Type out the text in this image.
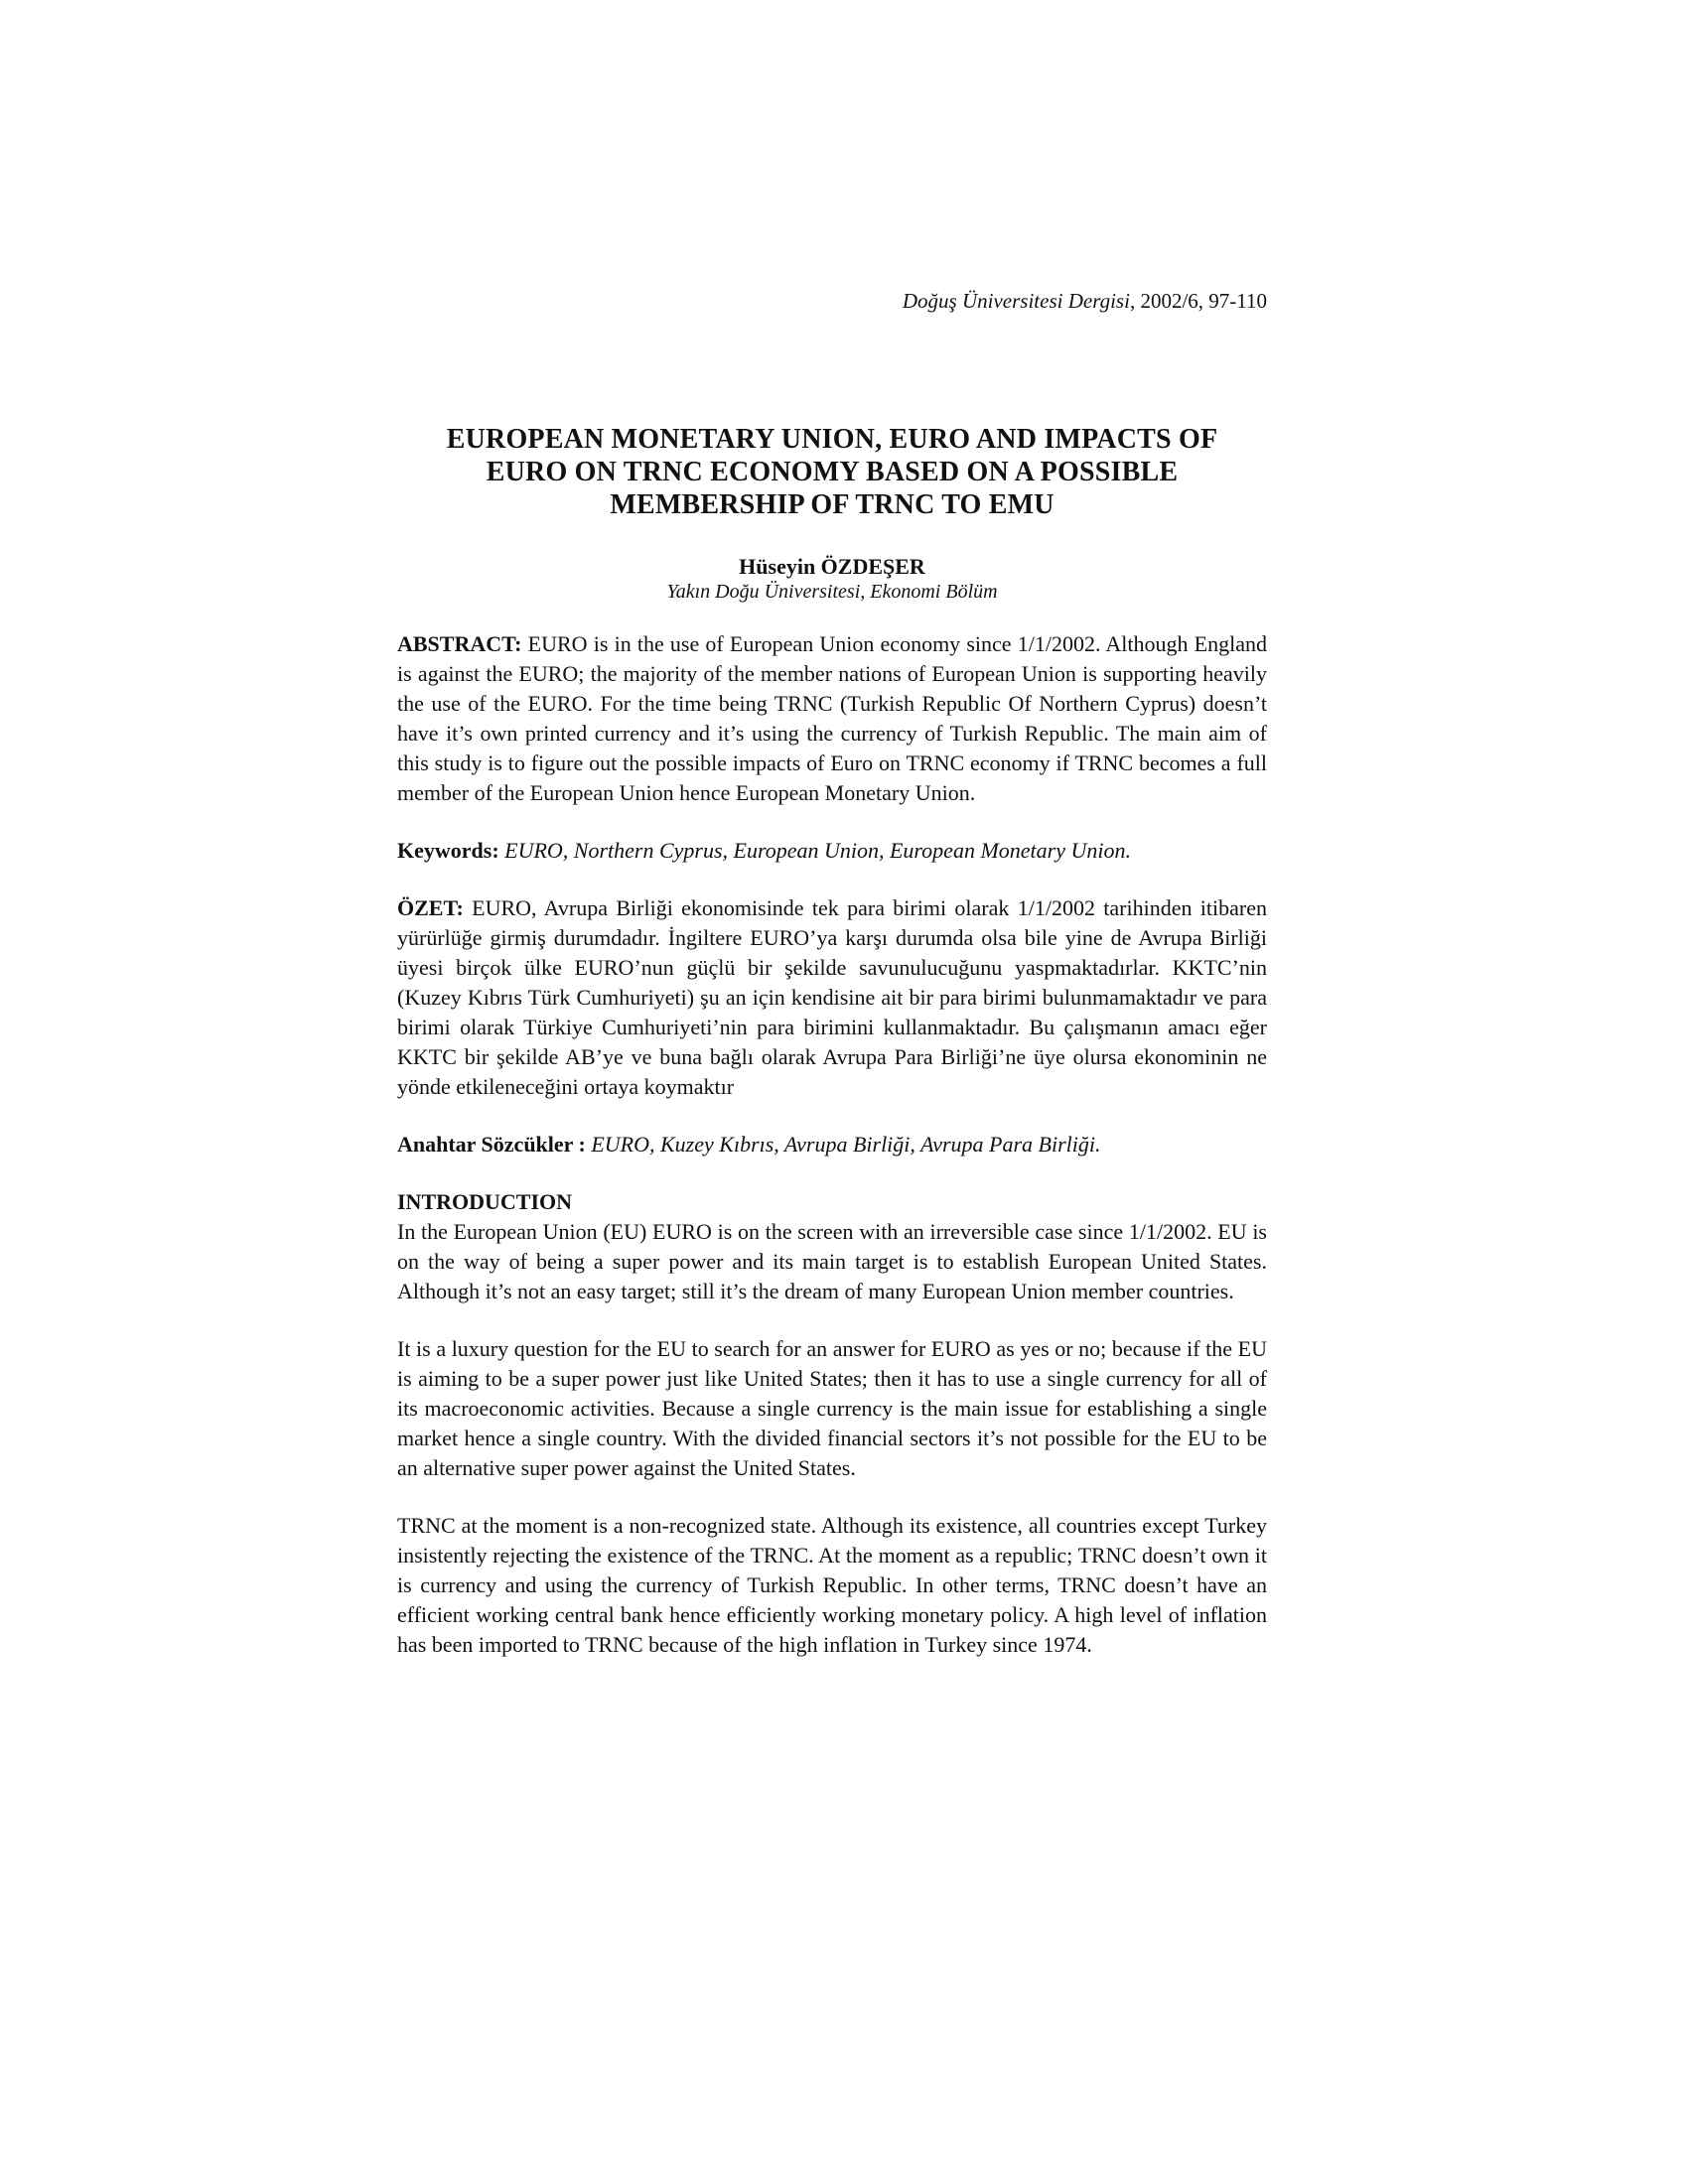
Doğuş Üniversitesi Dergisi, 2002/6, 97-110
EUROPEAN MONETARY UNION, EURO AND IMPACTS OF
EURO ON TRNC ECONOMY BASED ON A POSSIBLE
MEMBERSHIP OF TRNC TO EMU
Hüseyin ÖZDEŞER
Yakın Doğu Üniversitesi, Ekonomi Bölüm

ABSTRACT: EURO is in the use of European Union economy since 1/1/2002. Although England is against the EURO; the majority of the member nations of European Union is supporting heavily the use of the EURO. For the time being TRNC (Turkish Republic Of Northern Cyprus) doesn’t have it’s own printed currency and it’s using the currency of Turkish Republic. The main aim of this study is to figure out the possible impacts of Euro on TRNC economy if TRNC becomes a full member of the European Union hence European Monetary Union.

Keywords: EURO, Northern Cyprus, European Union, European Monetary Union.

ÖZET: EURO, Avrupa Birliği ekonomisinde tek para birimi olarak 1/1/2002 tarihinden itibaren yürürlüğe girmiş durumdadır. İngiltere EURO’ya karşı durumda olsa bile yine de Avrupa Birliği üyesi birçok ülke EURO’nun güçlü bir şekilde savunulucuğunu yaspmaktadırlar. KKTC’nin (Kuzey Kıbrıs Türk Cumhuriyeti) şu an için kendisine ait bir para birimi bulunmamaktadır ve para birimi olarak Türkiye Cumhuriyeti’nin para birimini kullanmaktadır. Bu çalışmanın amacı eğer KKTC bir şekilde AB’ye ve buna bağlı olarak Avrupa Para Birliği’ne üye olursa ekonominin ne yönde etkileneceğini ortaya koymaktır

Anahtar Sözcükler : EURO, Kuzey Kıbrıs, Avrupa Birliği, Avrupa Para Birliği.

INTRODUCTION

In the European Union (EU) EURO is on the screen with an irreversible case since 1/1/2002. EU is on the way of being a super power and its main target is to establish European United States. Although it’s not an easy target; still it’s the dream of many European Union member countries.

It is a luxury question for the EU to search for an answer for EURO as yes or no; because if the EU is aiming to be a super power just like United States; then it has to use a single currency for all of its macroeconomic activities. Because a single currency is the main issue for establishing a single market hence a single country. With the divided financial sectors it’s not possible for the EU to be an alternative super power against the United States.

TRNC at the moment is a non-recognized state. Although its existence, all countries except Turkey insistently rejecting the existence of the TRNC. At the moment as a republic; TRNC doesn’t own it is currency and using the currency of Turkish Republic. In other terms, TRNC doesn’t have an efficient working central bank hence efficiently working monetary policy. A high level of inflation has been imported to TRNC because of the high inflation in Turkey since 1974.
